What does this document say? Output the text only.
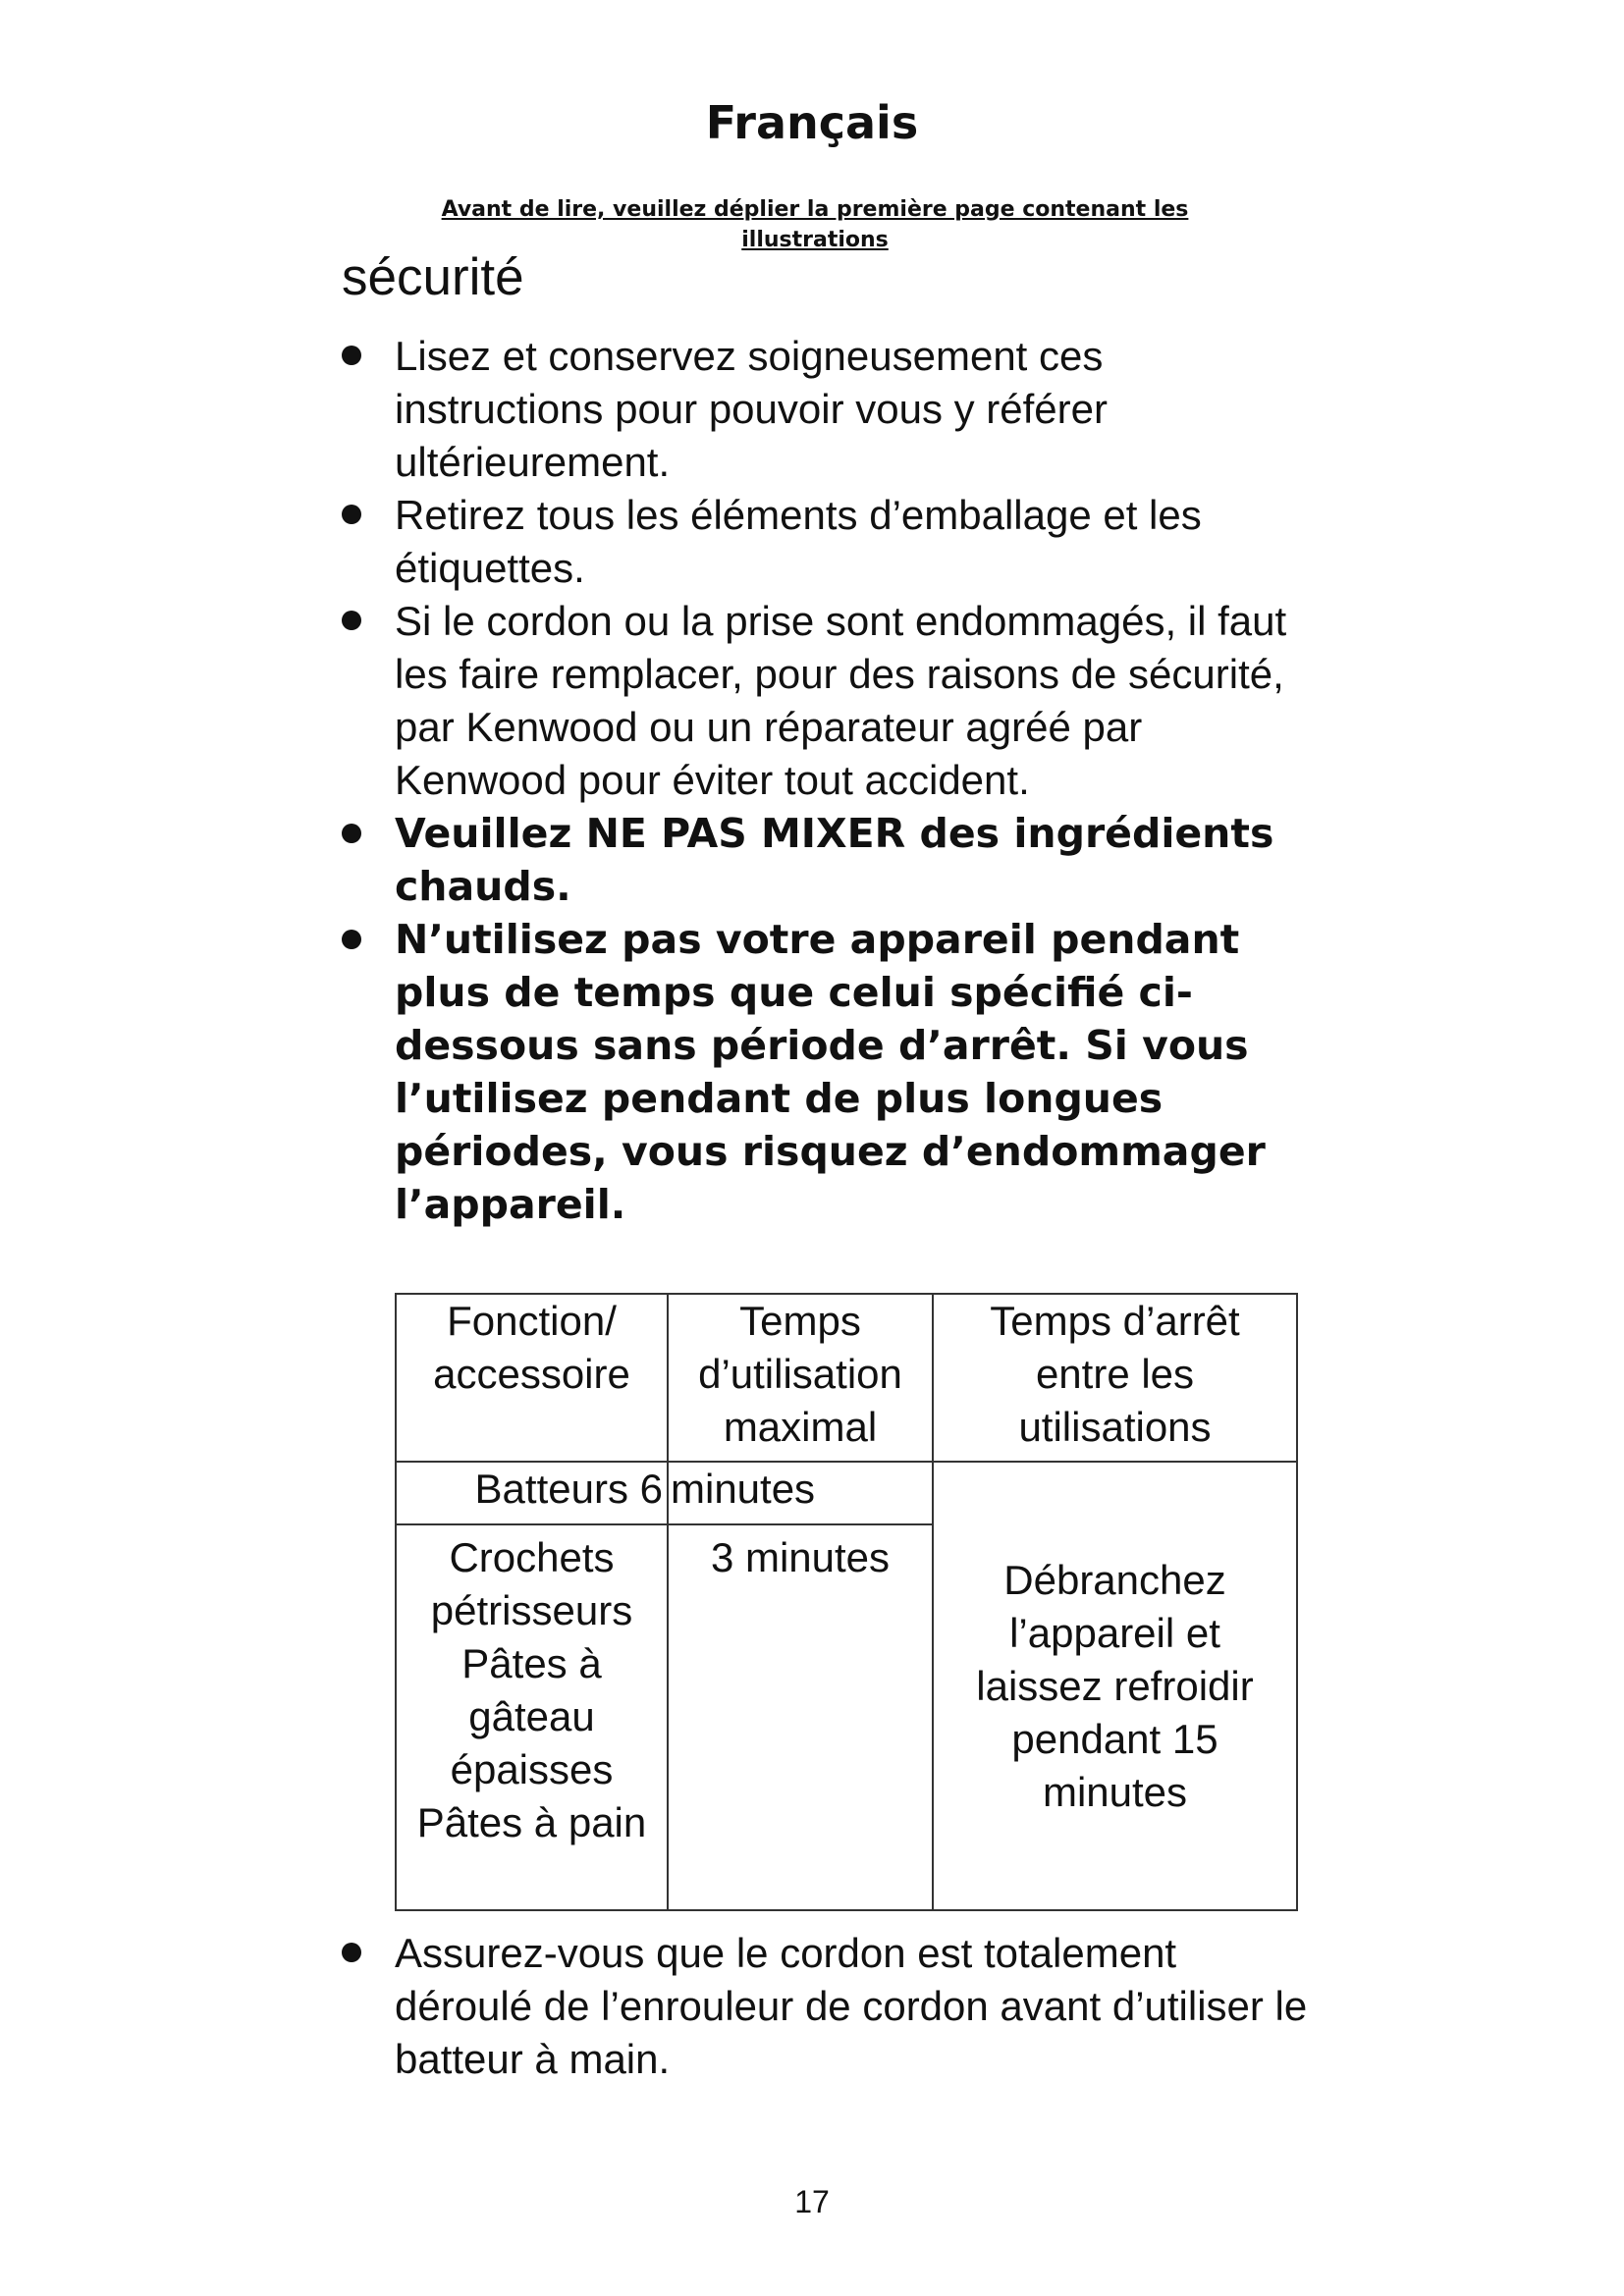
Français
Avant de lire, veuillez déplier la première page contenant les
illustrations
sécurité
Lisez et conservez soigneusement ces instructions pour pouvoir vous y référer ultérieurement.
Retirez tous les éléments d’emballage et les étiquettes.
Si le cordon ou la prise sont endommagés, il faut les faire remplacer, pour des raisons de sécurité, par Kenwood ou un réparateur agréé par Kenwood pour éviter tout accident.
Veuillez NE PAS MIXER des ingrédients chauds.
N’utilisez pas votre appareil pendant plus de temps que celui spécifié ci-dessous sans période d’arrêt. Si vous l’utilisez pendant de plus longues périodes, vous risquez d’endommager l’appareil.
Fonction/ accessoire	Temps d’utilisation maximal	Temps d’arrêt entre les utilisations
Batteurs 6	minutes	Débranchez l’appareil et laissez refroidir pendant 15 minutes
Crochets pétrisseurs Pâtes à gâteau épaisses Pâtes à pain	3 minutes	
Assurez-vous que le cordon est totalement déroulé de l’enrouleur de cordon avant d’utiliser le batteur à main.
17
